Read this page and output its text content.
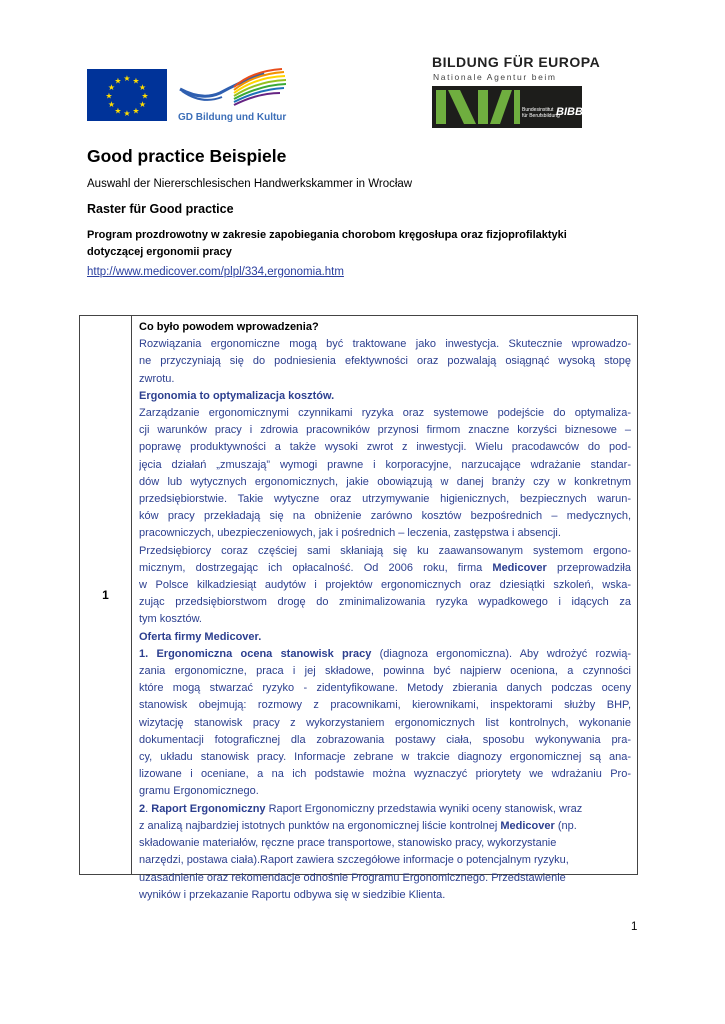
★ ★
★
★
★
★
★
★
★
★
★
★
GD Bildung und Kultur
BILDUNG FÜR EUROPA
Nationale Agentur beim
Bundesinstitut
für Berufsbildung
BIBB
Good practice Beispiele
Auswahl der Niererschlesischen Handwerkskammer in Wrocław
Raster für Good practice
Program prozdrowotny w zakresie zapobiegania chorobom kręgosłupa oraz fizjoprofilaktyki
dotyczącej ergonomii pracy
http://www.medicover.com/plpl/334,ergonomia.htm
1
Co było powodem wprowadzenia?
Rozwiązania ergonomiczne mogą być traktowane jako inwestycja. Skutecznie wprowadzo-
ne przyczyniają się do podniesienia efektywności oraz pozwalają osiągnąć wysoką stopę
zwrotu.
Ergonomia to optymalizacja kosztów.
Zarządzanie ergonomicznymi czynnikami ryzyka oraz systemowe podejście do optymaliza-
cji warunków pracy i zdrowia pracowników przynosi firmom znaczne korzyści biznesowe –
poprawę produktywności a także wysoki zwrot z inwestycji. Wielu pracodawców do pod-
jęcia działań „zmuszają” wymogi prawne i korporacyjne, narzucające wdrażanie standar-
dów lub wytycznych ergonomicznych, jakie obowiązują w danej branży czy w konkretnym
przedsiębiorstwie. Takie wytyczne oraz utrzymywanie higienicznych, bezpiecznych warun-
ków pracy przekładają się na obniżenie zarówno kosztów bezpośrednich – medycznych,
pracowniczych, ubezpieczeniowych, jak i pośrednich – leczenia, zastępstwa i absencji.
Przedsiębiorcy coraz częściej sami skłaniają się ku zaawansowanym systemom ergono-
micznym, dostrzegając ich opłacalność. Od 2006 roku, firma Medicover przeprowadziła
w Polsce kilkadziesiąt audytów i projektów ergonomicznych oraz dziesiątki szkoleń, wska-
zując przedsiębiorstwom drogę do zminimalizowania ryzyka wypadkowego i idących za
tym kosztów.
Oferta firmy Medicover.
1. Ergonomiczna ocena stanowisk pracy (diagnoza ergonomiczna). Aby wdrożyć rozwią-
zania ergonomiczne, praca i jej składowe, powinna być najpierw oceniona, a czynności
które mogą stwarzać ryzyko - zidentyfikowane. Metody zbierania danych podczas oceny
stanowisk obejmują: rozmowy z pracownikami, kierownikami, inspektorami służby BHP,
wizytację stanowisk pracy z wykorzystaniem ergonomicznych list kontrolnych, wykonanie
dokumentacji fotograficznej dla zobrazowania postawy ciała, sposobu wykonywania pra-
cy, układu stanowisk pracy. Informacje zebrane w trakcie diagnozy ergonomicznej są ana-
lizowane i oceniane, a na ich podstawie można wyznaczyć priorytety we wdrażaniu Pro-
gramu Ergonomicznego.
2. Raport Ergonomiczny Raport Ergonomiczny przedstawia wyniki oceny stanowisk, wraz
z analizą najbardziej istotnych punktów na ergonomicznej liście kontrolnej Medicover (np.
składowanie materiałów, ręczne prace transportowe, stanowisko pracy, wykorzystanie
narzędzi, postawa ciała).Raport zawiera szczegółowe informacje o potencjalnym ryzyku,
uzasadnienie oraz rekomendacje odnośnie Programu Ergonomicznego. Przedstawienie
wyników i przekazanie Raportu odbywa się w siedzibie Klienta.
1
